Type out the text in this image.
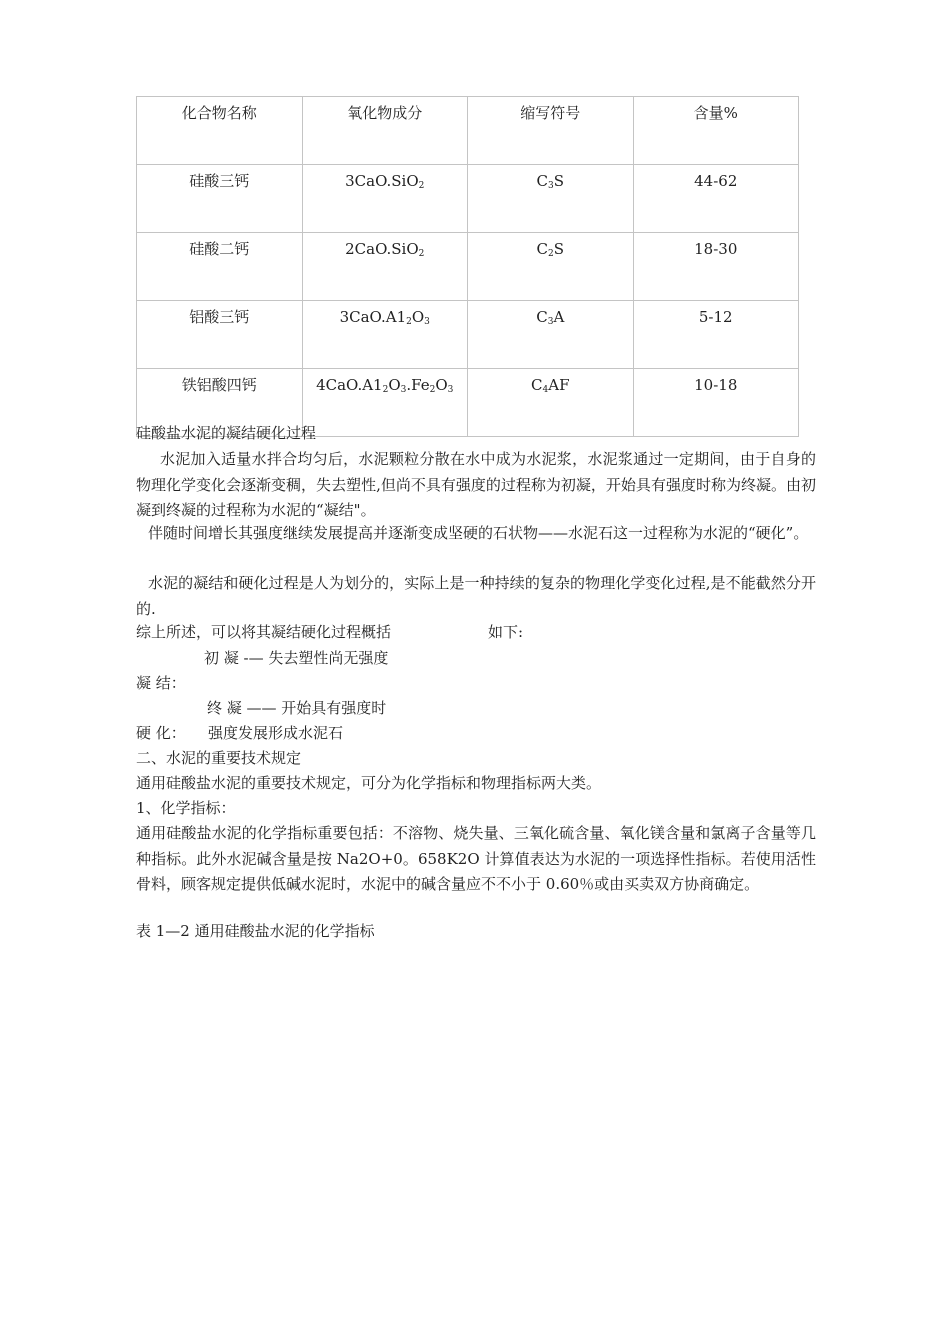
化合物名称	氧化物成分	缩写符号	含量%
硅酸三钙	3CaO.SiO$_2$	$C_3S$	44-62
硅酸二钙	2CaO.SiO$_2$	$C_2S$	18-30
铝酸三钙	$3CaO.A1_2O_3$	$C_3A$	5-12
铁铝酸四钙	$4CaO.A1_2O_3.Fe_2O_3$	$C_4AF$	10-18
硅酸盐水泥的凝结硬化过程
水泥加入适量水拌合均匀后，水泥颗粒分散在水中成为水泥浆，水泥浆通过一定期间，由于自身的物理化学变化会逐渐变稠，失去塑性,但尚不具有强度的过程称为初凝，开始具有强度时称为终凝。由初凝到终凝的过程称为水泥的“凝结"。
伴随时间增长其强度继续发展提高并逐渐变成坚硬的石状物——水泥石这一过程称为水泥的“硬化”。
水泥的凝结和硬化过程是人为划分的，实际上是一种持续的复杂的物理化学变化过程,是不能截然分开的.
综上所述，可以将其凝结硬化过程概括	如下:
初 凝 -— 失去塑性尚无强度
凝 结：
终 凝 —— 开始具有强度时
硬 化： 强度发展形成水泥石
二、水泥的重要技术规定
通用硅酸盐水泥的重要技术规定，可分为化学指标和物理指标两大类。
1、化学指标：
通用硅酸盐水泥的化学指标重要包括：不溶物、烧失量、三氧化硫含量、氧化镁含量和氯离子含量等几种指标。此外水泥碱含量是按 Na2O+0。658K2O 计算值表达为水泥的一项选择性指标。若使用活性骨料，顾客规定提供低碱水泥时，水泥中的碱含量应不不小于 0.60％或由买卖双方协商确定。
表 1—2 通用硅酸盐水泥的化学指标
